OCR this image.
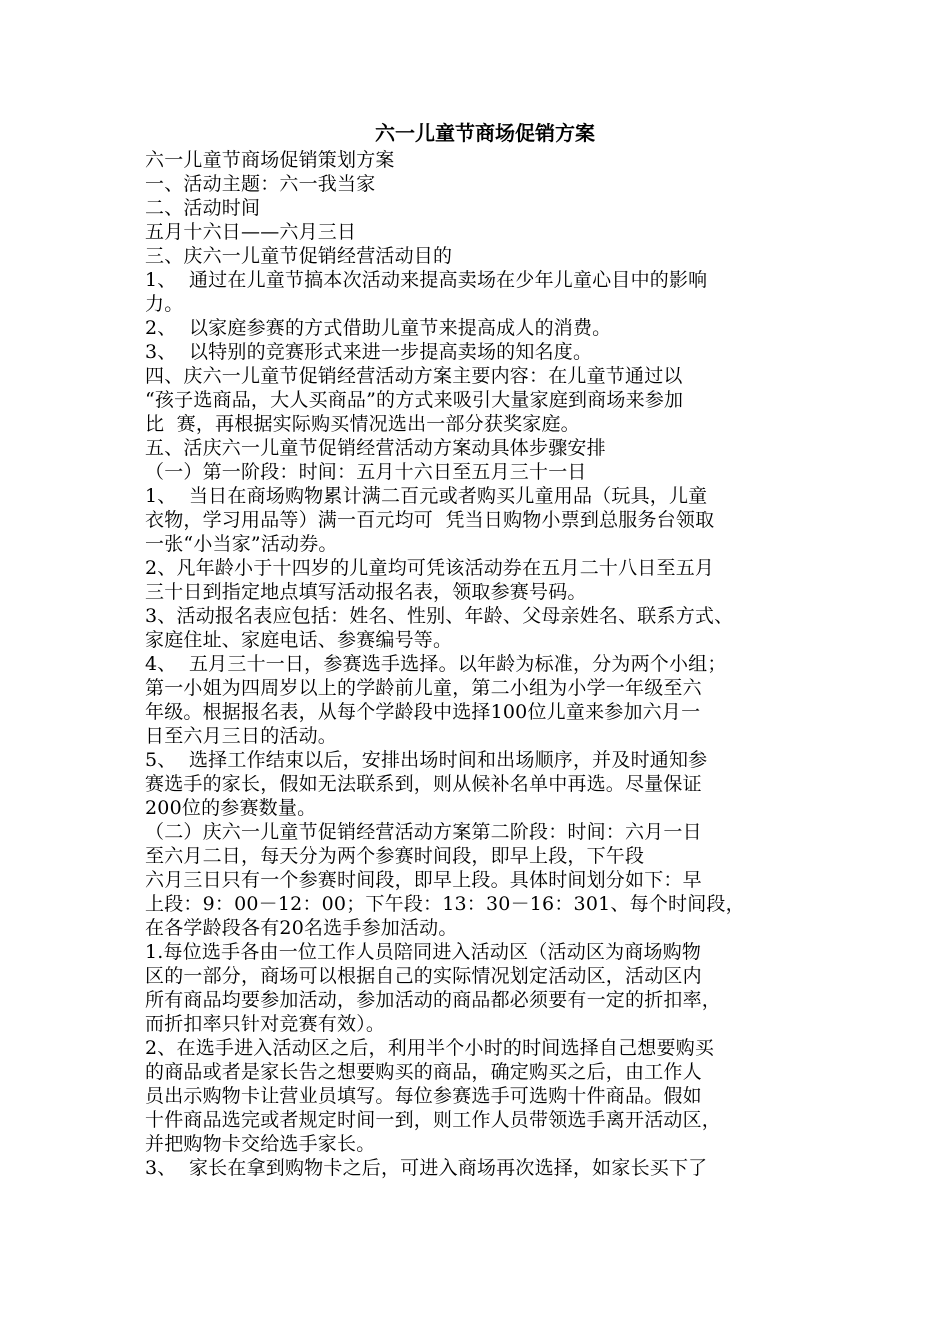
六一儿童节商场促销方案
六一儿童节商场促销策划方案
一、活动主题：六一我当家
二、活动时间
五月十六日——六月三日
三、庆六一儿童节促销经营活动目的
1、  通过在儿童节搞本次活动来提高卖场在少年儿童心目中的影响
力。
2、  以家庭参赛的方式借助儿童节来提高成人的消费。
3、  以特别的竞赛形式来进一步提高卖场的知名度。
四、庆六一儿童节促销经营活动方案主要内容：在儿童节通过以
“孩子选商品，大人买商品”的方式来吸引大量家庭到商场来参加
比  赛，再根据实际购买情况选出一部分获奖家庭。
五、活庆六一儿童节促销经营活动方案动具体步骤安排
（一）第一阶段：时间：五月十六日至五月三十一日
1、  当日在商场购物累计满二百元或者购买儿童用品（玩具，儿童
衣物，学习用品等）满一百元均可  凭当日购物小票到总服务台领取
一张“小当家”活动券。
2、凡年龄小于十四岁的儿童均可凭该活动券在五月二十八日至五月
三十日到指定地点填写活动报名表，领取参赛号码。
3、活动报名表应包括：姓名、性别、年龄、父母亲姓名、联系方式、
家庭住址、家庭电话、参赛编号等。
4、  五月三十一日，参赛选手选择。以年龄为标准，分为两个小组；
第一小姐为四周岁以上的学龄前儿童，第二小组为小学一年级至六
年级。根据报名表，从每个学龄段中选择100位儿童来参加六月一
日至六月三日的活动。
5、  选择工作结束以后，安排出场时间和出场顺序，并及时通知参
赛选手的家长，假如无法联系到，则从候补名单中再选。尽量保证
200位的参赛数量。
（二）庆六一儿童节促销经营活动方案第二阶段：时间：六月一日
至六月二日，每天分为两个参赛时间段，即早上段，下午段
六月三日只有一个参赛时间段，即早上段。具体时间划分如下：早
上段：9：00－12：00；下午段：13：30－16：301、每个时间段，
在各学龄段各有20名选手参加活动。
1.每位选手各由一位工作人员陪同进入活动区（活动区为商场购物
区的一部分，商场可以根据自己的实际情况划定活动区，活动区内
所有商品均要参加活动，参加活动的商品都必须要有一定的折扣率，
而折扣率只针对竞赛有效）。
2、在选手进入活动区之后，利用半个小时的时间选择自己想要购买
的商品或者是家长告之想要购买的商品，确定购买之后，由工作人
员出示购物卡让营业员填写。每位参赛选手可选购十件商品。假如
十件商品选完或者规定时间一到，则工作人员带领选手离开活动区，
并把购物卡交给选手家长。
3、  家长在拿到购物卡之后，可进入商场再次选择，如家长买下了
